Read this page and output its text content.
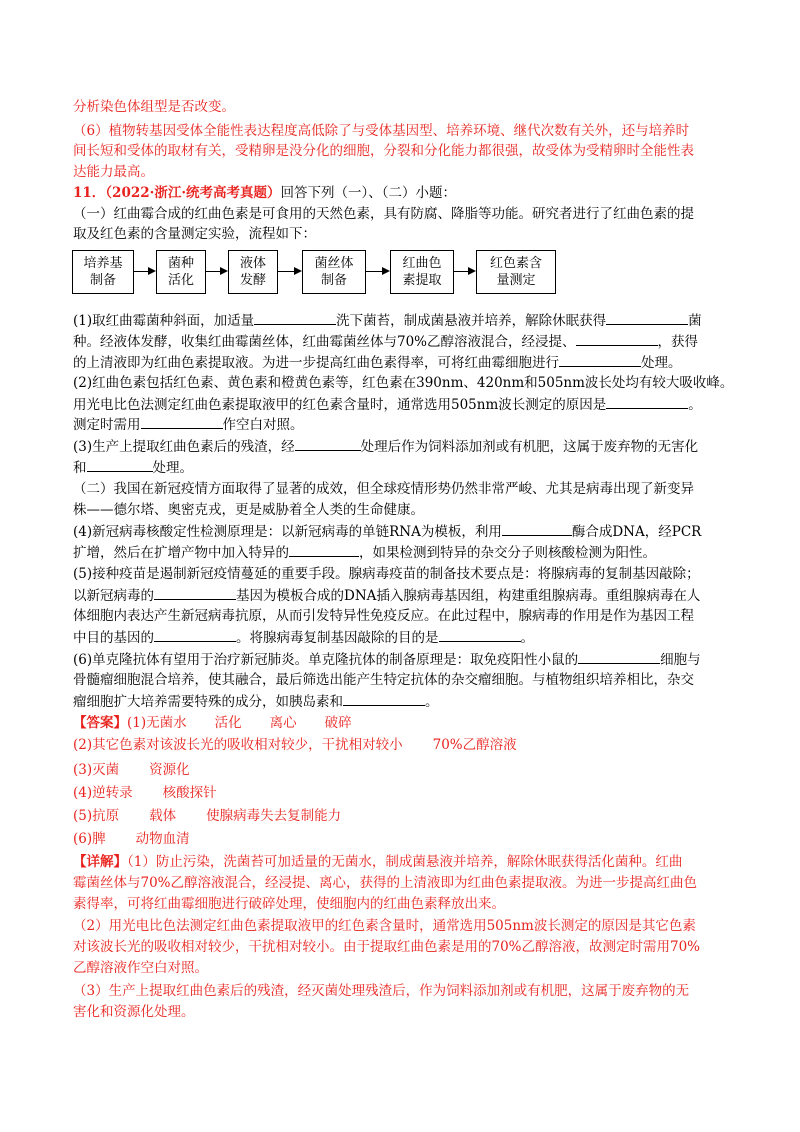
分析染色体组型是否改变。
（6）植物转基因受体全能性表达程度高低除了与受体基因型、培养环境、继代次数有关外，还与培养时
间长短和受体的取材有关，受精卵是没分化的细胞，分裂和分化能力都很强，故受体为受精卵时全能性表
达能力最高。
11．（2022·浙江·统考高考真题）回答下列（一）、（二）小题：
（一）红曲霉合成的红曲色素是可食用的天然色素，具有防腐、降脂等功能。研究者进行了红曲色素的提
取及红色素的含量测定实验，流程如下：
培养基
制备
菌种
活化
液体
发酵
菌丝体
制备
红曲色
素提取
红色素含
量测定
(1)取红曲霉菌种斜面，加适量	洗下菌苔，制成菌悬液并培养，解除休眠获得	菌
种。经液体发酵，收集红曲霉菌丝体，红曲霉菌丝体与70%乙醇溶液混合，经浸提、	，获得
的上清液即为红曲色素提取液。为进一步提高红曲色素得率，可将红曲霉细胞进行	处理。
(2)红曲色素包括红色素、黄色素和橙黄色素等，红色素在390nm、420nm和505nm波长处均有较大吸收峰。
用光电比色法测定红曲色素提取液甲的红色素含量时，通常选用505nm波长测定的原因是	。
测定时需用	作空白对照。
(3)生产上提取红曲色素后的残渣，经	处理后作为饲料添加剂或有机肥，这属于废弃物的无害化
和	处理。
（二）我国在新冠疫情方面取得了显著的成效，但全球疫情形势仍然非常严峻、尤其是病毒出现了新变异
株——德尔塔、奥密克戎，更是威胁着全人类的生命健康。
(4)新冠病毒核酸定性检测原理是：以新冠病毒的单链RNA为模板，利用	酶合成DNA，经PCR
扩增，然后在扩增产物中加入特异的	，如果检测到特异的杂交分子则核酸检测为阳性。
(5)接种疫苗是遏制新冠疫情蔓延的重要手段。腺病毒疫苗的制备技术要点是：将腺病毒的复制基因敲除；
以新冠病毒的	基因为模板合成的DNA插入腺病毒基因组，构建重组腺病毒。重组腺病毒在人
体细胞内表达产生新冠病毒抗原，从而引发特异性免疫反应。在此过程中，腺病毒的作用是作为基因工程
中目的基因的	。将腺病毒复制基因敲除的目的是	。
(6)单克隆抗体有望用于治疗新冠肺炎。单克隆抗体的制备原理是：取免疫阳性小鼠的	细胞与
骨髓瘤细胞混合培养，使其融合，最后筛选出能产生特定抗体的杂交瘤细胞。与植物组织培养相比，杂交
瘤细胞扩大培养需要特殊的成分，如胰岛素和	。
【答案】(1)无菌水 活化 离心 破碎
(2)其它色素对该波长光的吸收相对较少，干扰相对较小 70%乙醇溶液
(3)灭菌 资源化
(4)逆转录 核酸探针
(5)抗原 载体 使腺病毒失去复制能力
(6)脾 动物血清
【详解】（1）防止污染，洗菌苔可加适量的无菌水，制成菌悬液并培养，解除休眠获得活化菌种。红曲
霉菌丝体与70%乙醇溶液混合，经浸提、离心，获得的上清液即为红曲色素提取液。为进一步提高红曲色
素得率，可将红曲霉细胞进行破碎处理，使细胞内的红曲色素释放出来。
（2）用光电比色法测定红曲色素提取液甲的红色素含量时，通常选用505nm波长测定的原因是其它色素
对该波长光的吸收相对较少，干扰相对较小。由于提取红曲色素是用的70%乙醇溶液，故测定时需用70%
乙醇溶液作空白对照。
（3）生产上提取红曲色素后的残渣，经灭菌处理残渣后，作为饲料添加剂或有机肥，这属于废弃物的无
害化和资源化处理。
